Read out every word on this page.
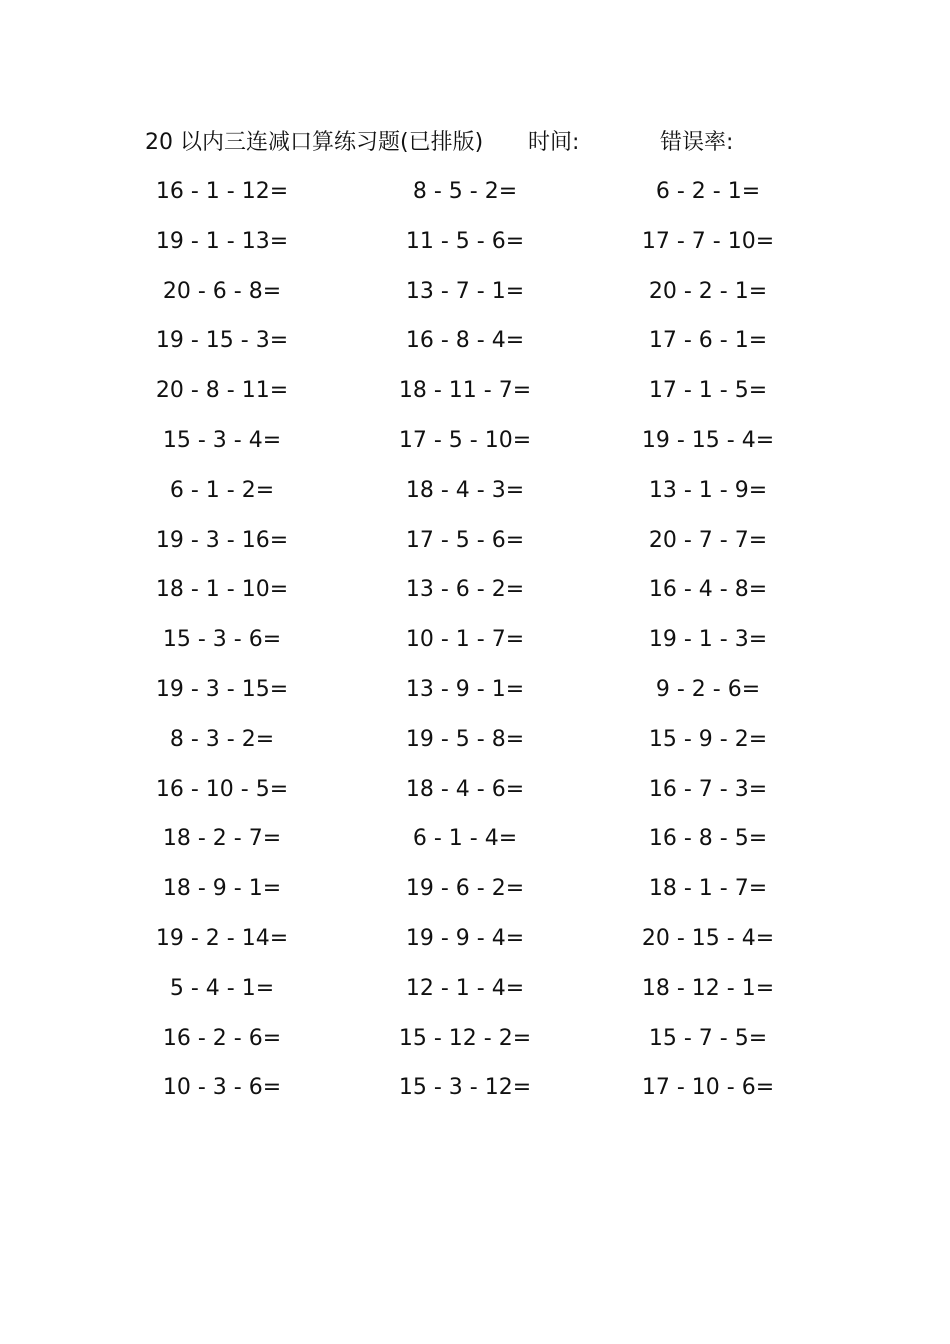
20 以内三连减口算练习题(已排版) 时间:	错误率:
16 - 1 - 12=	8 - 5 - 2=	6 - 2 - 1=
19 - 1 - 13=	11 - 5 - 6=	17 - 7 - 10=
20 - 6 - 8=	13 - 7 - 1=	20 - 2 - 1=
19 - 15 - 3=	16 - 8 - 4=	17 - 6 - 1=
20 - 8 - 11=	18 - 11 - 7=	17 - 1 - 5=
15 - 3 - 4=	17 - 5 - 10=	19 - 15 - 4=
6 - 1 - 2=	18 - 4 - 3=	13 - 1 - 9=
19 - 3 - 16=	17 - 5 - 6=	20 - 7 - 7=
18 - 1 - 10=	13 - 6 - 2=	16 - 4 - 8=
15 - 3 - 6=	10 - 1 - 7=	19 - 1 - 3=
19 - 3 - 15=	13 - 9 - 1=	9 - 2 - 6=
8 - 3 - 2=	19 - 5 - 8=	15 - 9 - 2=
16 - 10 - 5=	18 - 4 - 6=	16 - 7 - 3=
18 - 2 - 7=	6 - 1 - 4=	16 - 8 - 5=
18 - 9 - 1=	19 - 6 - 2=	18 - 1 - 7=
19 - 2 - 14=	19 - 9 - 4=	20 - 15 - 4=
5 - 4 - 1=	12 - 1 - 4=	18 - 12 - 1=
16 - 2 - 6=	15 - 12 - 2=	15 - 7 - 5=
10 - 3 - 6=	15 - 3 - 12=	17 - 10 - 6=
